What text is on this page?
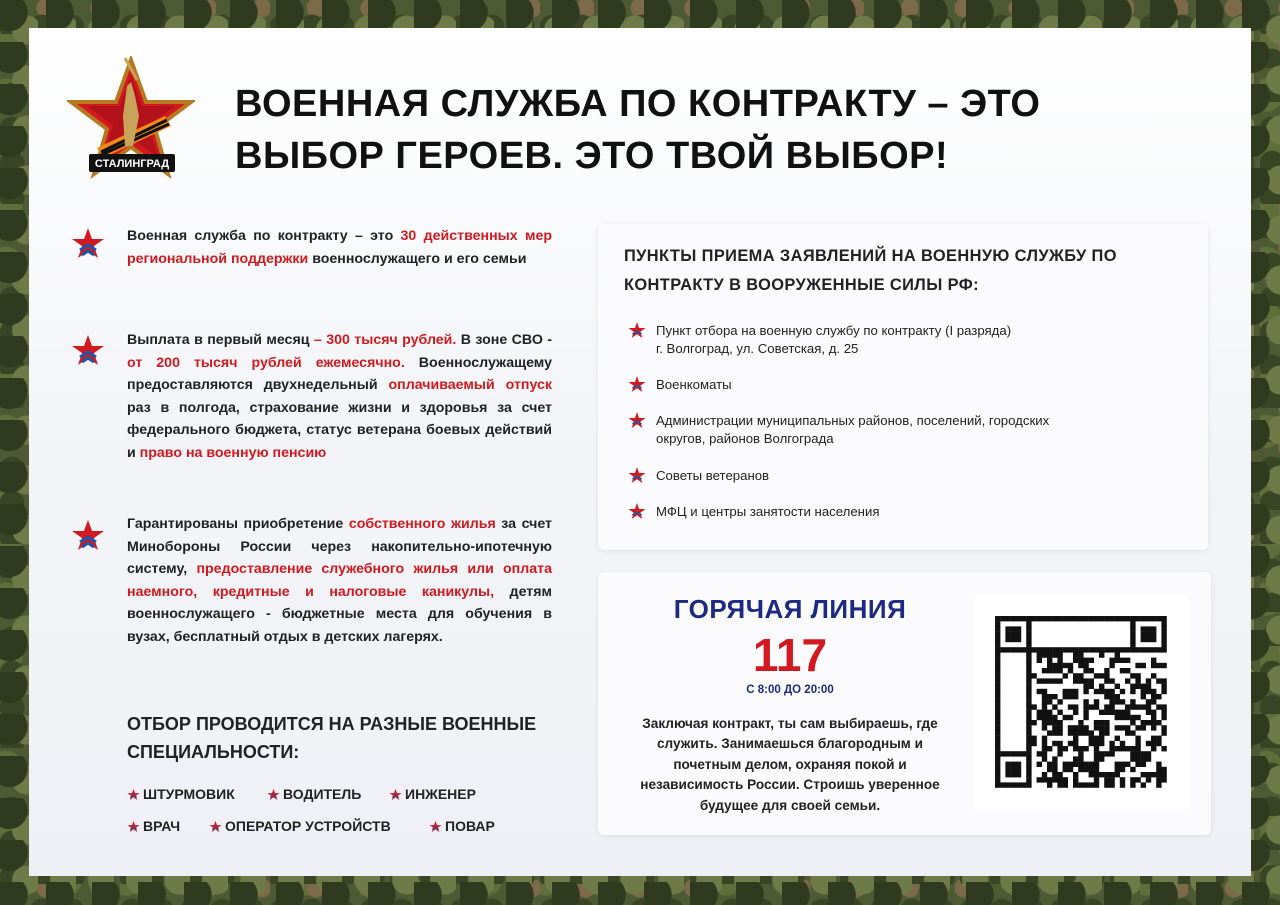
СТАЛИНГРАД
ВОЕННАЯ СЛУЖБА ПО КОНТРАКТУ – ЭТО ВЫБОР ГЕРОЕВ. ЭТО ТВОЙ ВЫБОР!
Военная служба по контракту – это 30 действенных мер региональной поддержки военнослужащего и его семьи
Выплата в первый месяц – 300 тысяч рублей. В зоне СВО - от 200 тысяч рублей ежемесячно. Военнослужащему предоставляются двухнедельный оплачиваемый отпуск раз в полгода, страхование жизни и здоровья за счет федерального бюджета, статус ветерана боевых действий и право на военную пенсию
Гарантированы приобретение собственного жилья за счет Минобороны России через накопительно-ипотечную систему, предоставление служебного жилья или оплата наемного, кредитные и налоговые каникулы, детям военнослужащего - бюджетные места для обучения в вузах, бесплатный отдых в детских лагерях.
ОТБОР ПРОВОДИТСЯ НА РАЗНЫЕ ВОЕННЫЕ СПЕЦИАЛЬНОСТИ:
ШТУРМОВИК	ВОДИТЕЛЬ	ИНЖЕНЕР
ВРАЧ	ОПЕРАТОР УСТРОЙСТВ	ПОВАР
ПУНКТЫ ПРИЕМА ЗАЯВЛЕНИЙ НА ВОЕННУЮ СЛУЖБУ ПО КОНТРАКТУ В ВООРУЖЕННЫЕ СИЛЫ РФ:
Пункт отбора на военную службу по контракту (I разряда)
г. Волгоград, ул. Советская, д. 25
Военкоматы
Администрации муниципальных районов, поселений, городских
округов, районов Волгограда
Советы ветеранов
МФЦ и центры занятости населения
ГОРЯЧАЯ ЛИНИЯ
117
С 8:00 ДО 20:00
Заключая контракт, ты сам выбираешь, где служить. Занимаешься благородным и почетным делом, охраняя покой и независимость России. Строишь уверенное будущее для своей семьи.
